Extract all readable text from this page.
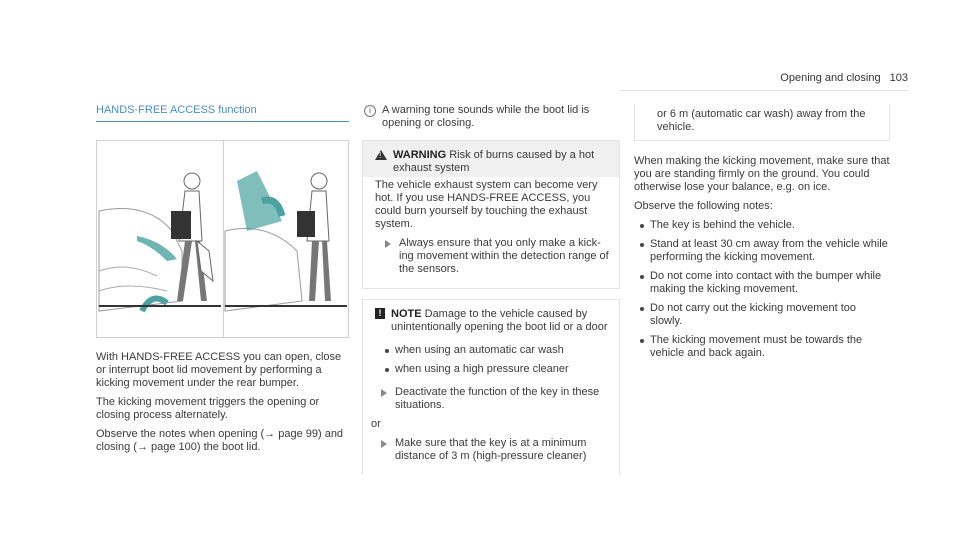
Opening and closing 103
HANDS-FREE ACCESS function

With HANDS-FREE ACCESS you can open, close or interrupt boot lid movement by performing a kicking movement under the rear bumper.

The kicking movement triggers the opening or closing process alternately.

Observe the notes when opening (→ page 99) and closing (→ page 100) the boot lid.

i	A warning tone sounds while the boot lid is opening or closing.
! WARNING Risk of burns caused by a hot exhaust system

The vehicle exhaust system can become very hot. If you use HANDS-FREE ACCESS, you could burn yourself by touching the exhaust system.

Always ensure that you only make a kick-ing movement within the detection range of the sensors.
! NOTE Damage to the vehicle caused by unintentionally opening the boot lid or a door
when using an automatic car wash
when using a high pressure cleaner
Deactivate the function of the key in these situations.
or
Make sure that the key is at a minimum distance of 3 m (high-pressure cleaner)
or 6 m (automatic car wash) away from the vehicle.

When making the kicking movement, make sure that you are standing firmly on the ground. You could otherwise lose your balance, e.g. on ice.

Observe the following notes:

The key is behind the vehicle.
Stand at least 30 cm away from the vehicle while performing the kicking movement.
Do not come into contact with the bumper while making the kicking movement.
Do not carry out the kicking movement too slowly.
The kicking movement must be towards the vehicle and back again.
